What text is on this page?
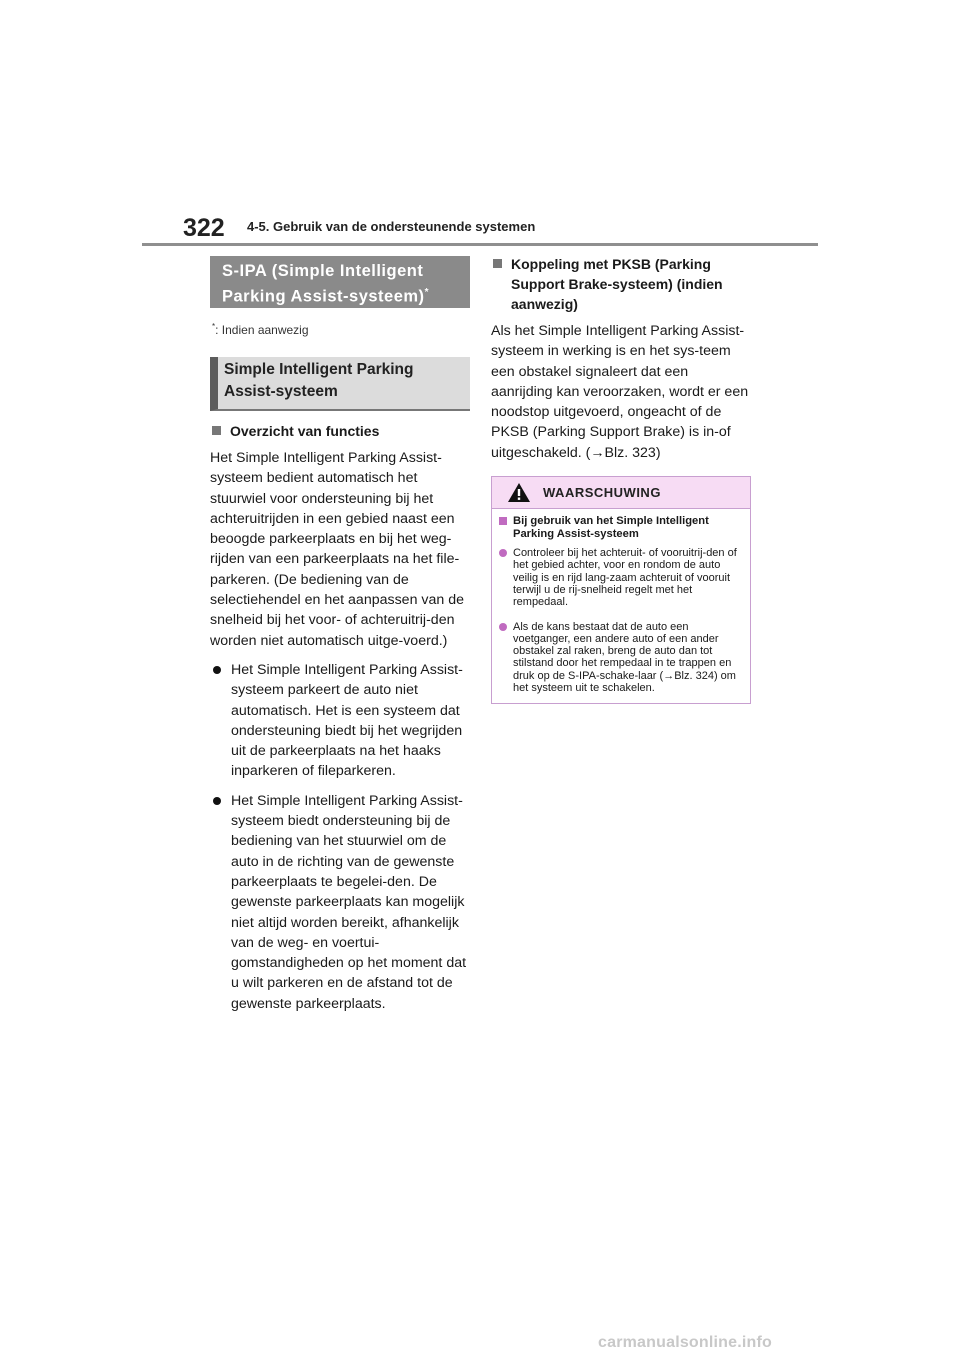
322 4-5. Gebruik van de ondersteunende systemen
S-IPA (Simple Intelligent
Parking Assist-systeem)*
*: Indien aanwezig
Simple Intelligent Parking
Assist-systeem
Overzicht van functies
Het Simple Intelligent Parking Assist-systeem bedient automatisch het stuurwiel voor ondersteuning bij het achteruitrijden in een gebied naast een beoogde parkeerplaats en bij het weg-rijden van een parkeerplaats na het file-parkeren. (De bediening van de selectiehendel en het aanpassen van de snelheid bij het voor- of achteruitrij-den worden niet automatisch uitge-voerd.)
Het Simple Intelligent Parking Assist-systeem parkeert de auto niet automatisch. Het is een systeem dat ondersteuning biedt bij het wegrijden uit de parkeerplaats na het haaks inparkeren of fileparkeren.
Het Simple Intelligent Parking Assist-systeem biedt ondersteuning bij de bediening van het stuurwiel om de auto in de richting van de gewenste parkeerplaats te begelei-den. De gewenste parkeerplaats kan mogelijk niet altijd worden bereikt, afhankelijk van de weg- en voertui-gomstandigheden op het moment dat u wilt parkeren en de afstand tot de gewenste parkeerplaats.
Koppeling met PKSB (Parking Support Brake-systeem) (indien aanwezig)
Als het Simple Intelligent Parking Assist-systeem in werking is en het sys-teem een obstakel signaleert dat een aanrijding kan veroorzaken, wordt er een noodstop uitgevoerd, ongeacht of de PKSB (Parking Support Brake) is in-of uitgeschakeld. (→Blz. 323)
WAARSCHUWING
Bij gebruik van het Simple Intelligent Parking Assist-systeem
Controleer bij het achteruit- of vooruitrij-den of het gebied achter, voor en rondom de auto veilig is en rijd lang-zaam achteruit of vooruit terwijl u de rij-snelheid regelt met het rempedaal.
Als de kans bestaat dat de auto een voetganger, een andere auto of een ander obstakel zal raken, breng de auto dan tot stilstand door het rempedaal in te trappen en druk op de S-IPA-schake-laar (→Blz. 324) om het systeem uit te schakelen.
carmanualsonline.info
